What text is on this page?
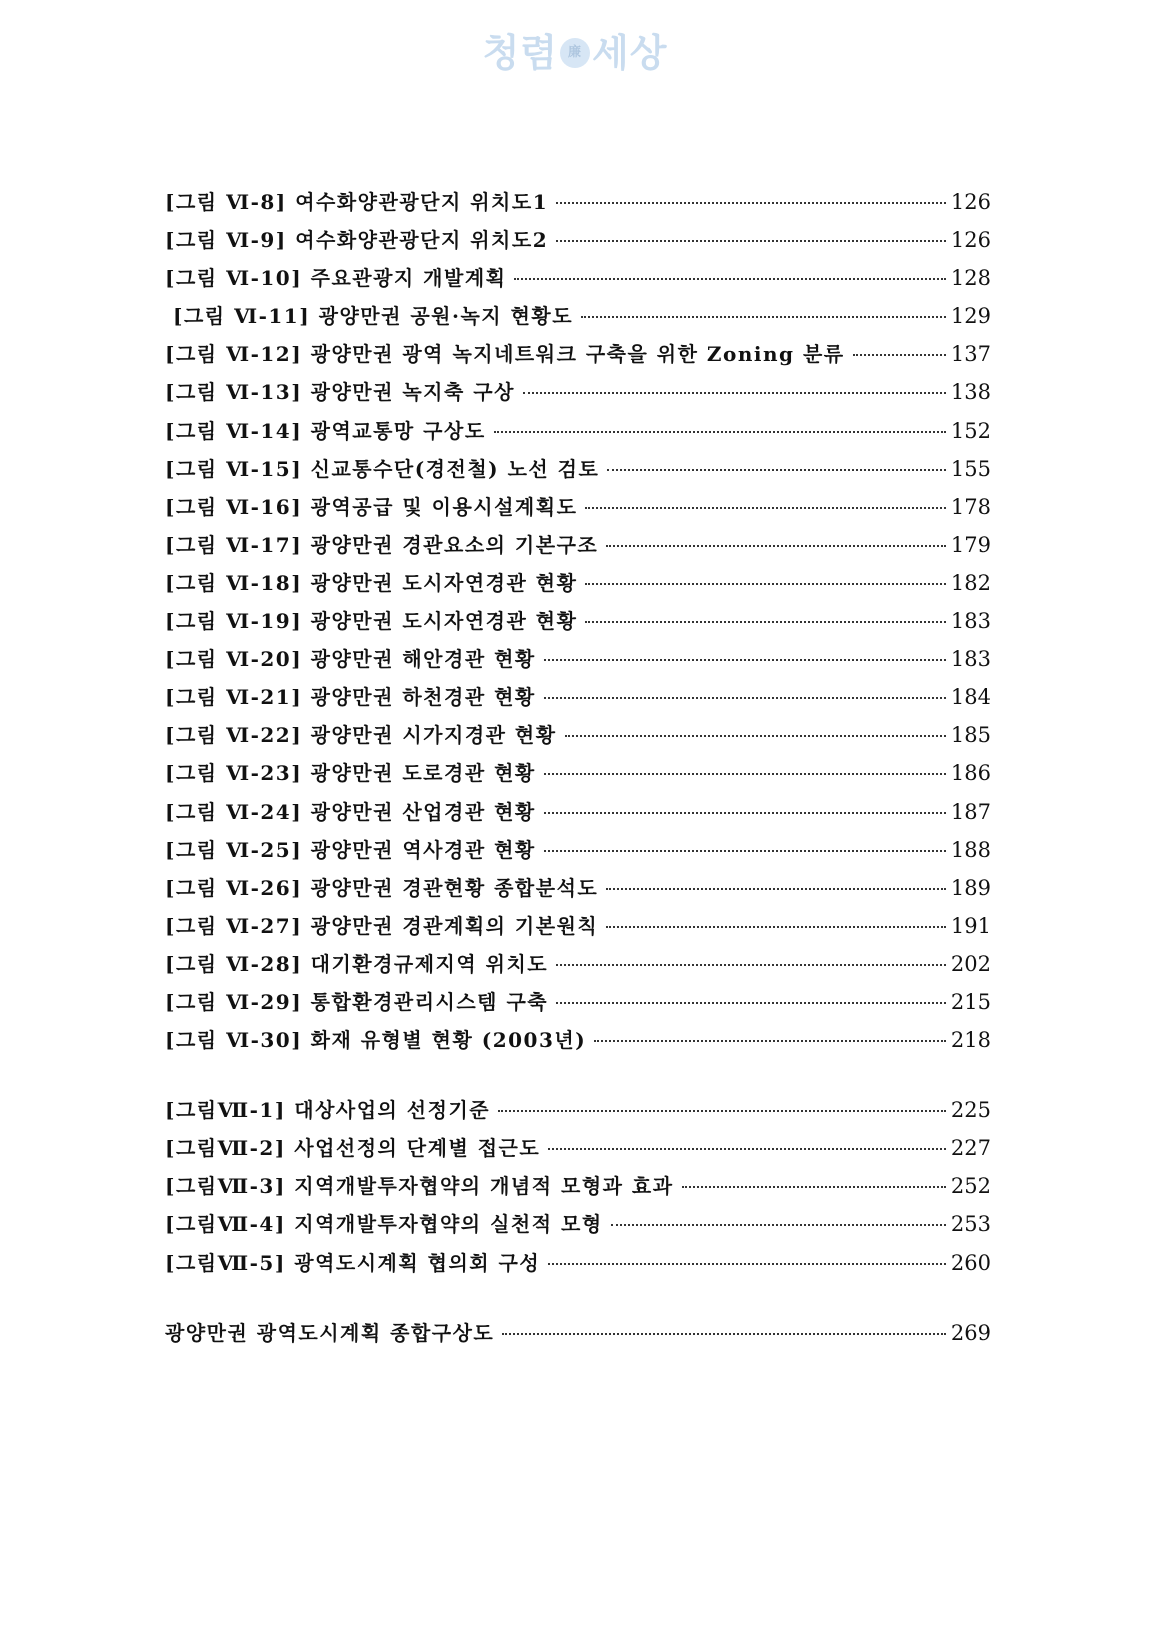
청렴 廉 세상
[그림 Ⅵ-8] 여수화양관광단지 위치도1	126
[그림 Ⅵ-9] 여수화양관광단지 위치도2	126
[그림 Ⅵ-10] 주요관광지 개발계획	128
[그림 Ⅵ-11] 광양만권 공원·녹지 현황도	129
[그림 Ⅵ-12] 광양만권 광역 녹지네트워크 구축을 위한 Zoning 분류	137
[그림 Ⅵ-13] 광양만권 녹지축 구상	138
[그림 Ⅵ-14] 광역교통망 구상도	152
[그림 Ⅵ-15] 신교통수단(경전철) 노선 검토	155
[그림 Ⅵ-16] 광역공급 및 이용시설계획도	178
[그림 Ⅵ-17] 광양만권 경관요소의 기본구조	179
[그림 Ⅵ-18] 광양만권 도시자연경관 현황	182
[그림 Ⅵ-19] 광양만권 도시자연경관 현황	183
[그림 Ⅵ-20] 광양만권 해안경관 현황	183
[그림 Ⅵ-21] 광양만권 하천경관 현황	184
[그림 Ⅵ-22] 광양만권 시가지경관 현황	185
[그림 Ⅵ-23] 광양만권 도로경관 현황	186
[그림 Ⅵ-24] 광양만권 산업경관 현황	187
[그림 Ⅵ-25] 광양만권 역사경관 현황	188
[그림 Ⅵ-26] 광양만권 경관현황 종합분석도	189
[그림 Ⅵ-27] 광양만권 경관계획의 기본원칙	191
[그림 Ⅵ-28] 대기환경규제지역 위치도	202
[그림 Ⅵ-29] 통합환경관리시스템 구축	215
[그림 Ⅵ-30] 화재 유형별 현황 (2003년)	218
[그림Ⅶ-1] 대상사업의 선정기준	225
[그림Ⅶ-2] 사업선정의 단계별 접근도	227
[그림Ⅶ-3] 지역개발투자협약의 개념적 모형과 효과	252
[그림Ⅶ-4] 지역개발투자협약의 실천적 모형	253
[그림Ⅶ-5] 광역도시계획 협의회 구성	260
광양만권 광역도시계획 종합구상도	269
